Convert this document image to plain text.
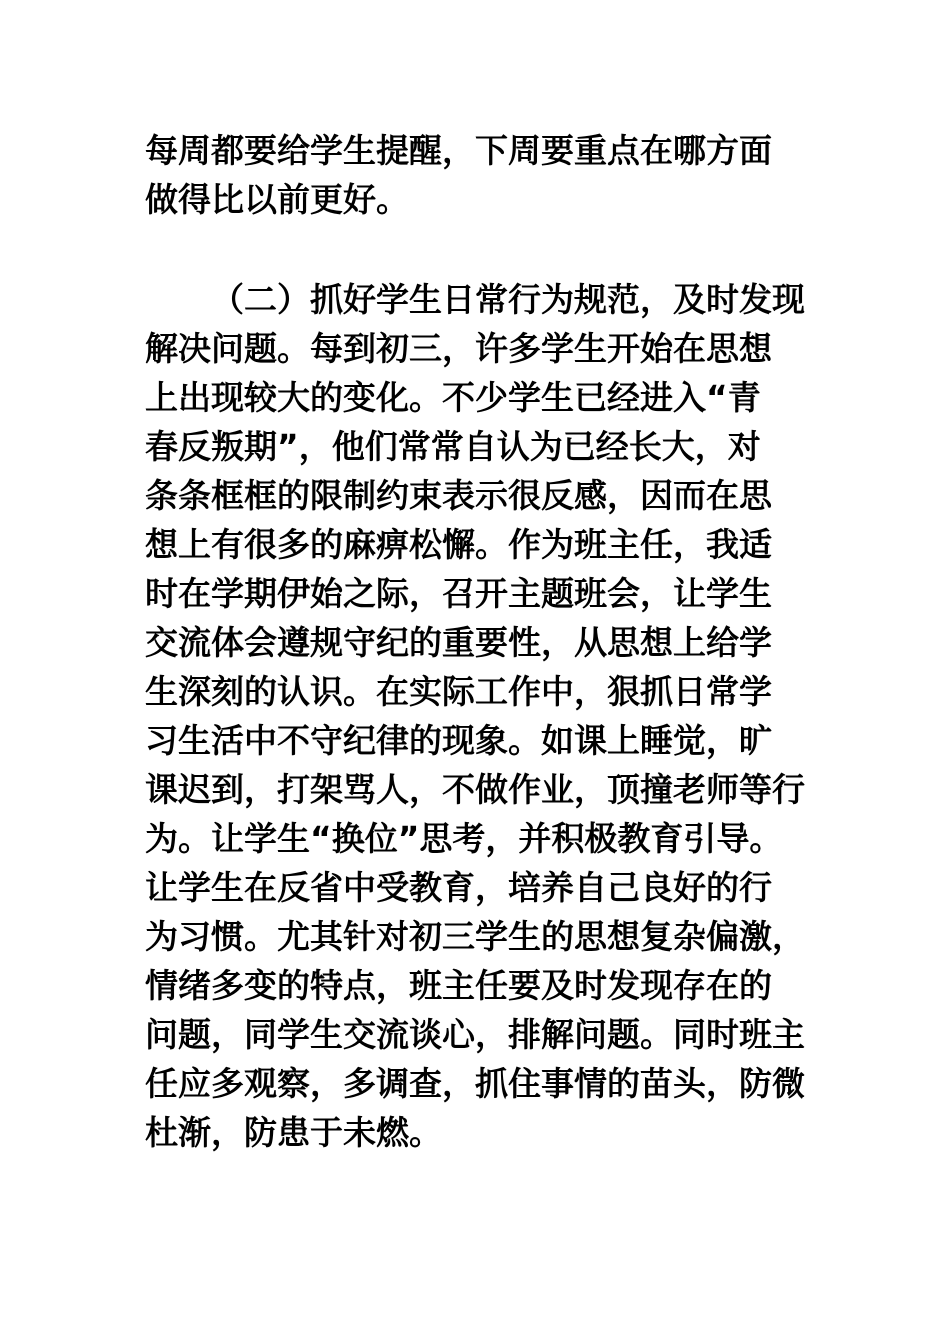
每周都要给学生提醒，下周要重点在哪方面
做得比以前更好。
（二）抓好学生日常行为规范，及时发现
解决问题。每到初三，许多学生开始在思想
上出现较大的变化。不少学生已经进入“青
春反叛期”，他们常常自认为已经长大，对
条条框框的限制约束表示很反感，因而在思
想上有很多的麻痹松懈。作为班主任，我适
时在学期伊始之际，召开主题班会，让学生
交流体会遵规守纪的重要性，从思想上给学
生深刻的认识。在实际工作中，狠抓日常学
习生活中不守纪律的现象。如课上睡觉，旷
课迟到，打架骂人，不做作业，顶撞老师等行
为。让学生“换位”思考，并积极教育引导。
让学生在反省中受教育，培养自己良好的行
为习惯。尤其针对初三学生的思想复杂偏激，
情绪多变的特点，班主任要及时发现存在的
问题，同学生交流谈心，排解问题。同时班主
任应多观察，多调查，抓住事情的苗头，防微
杜渐，防患于未燃。
